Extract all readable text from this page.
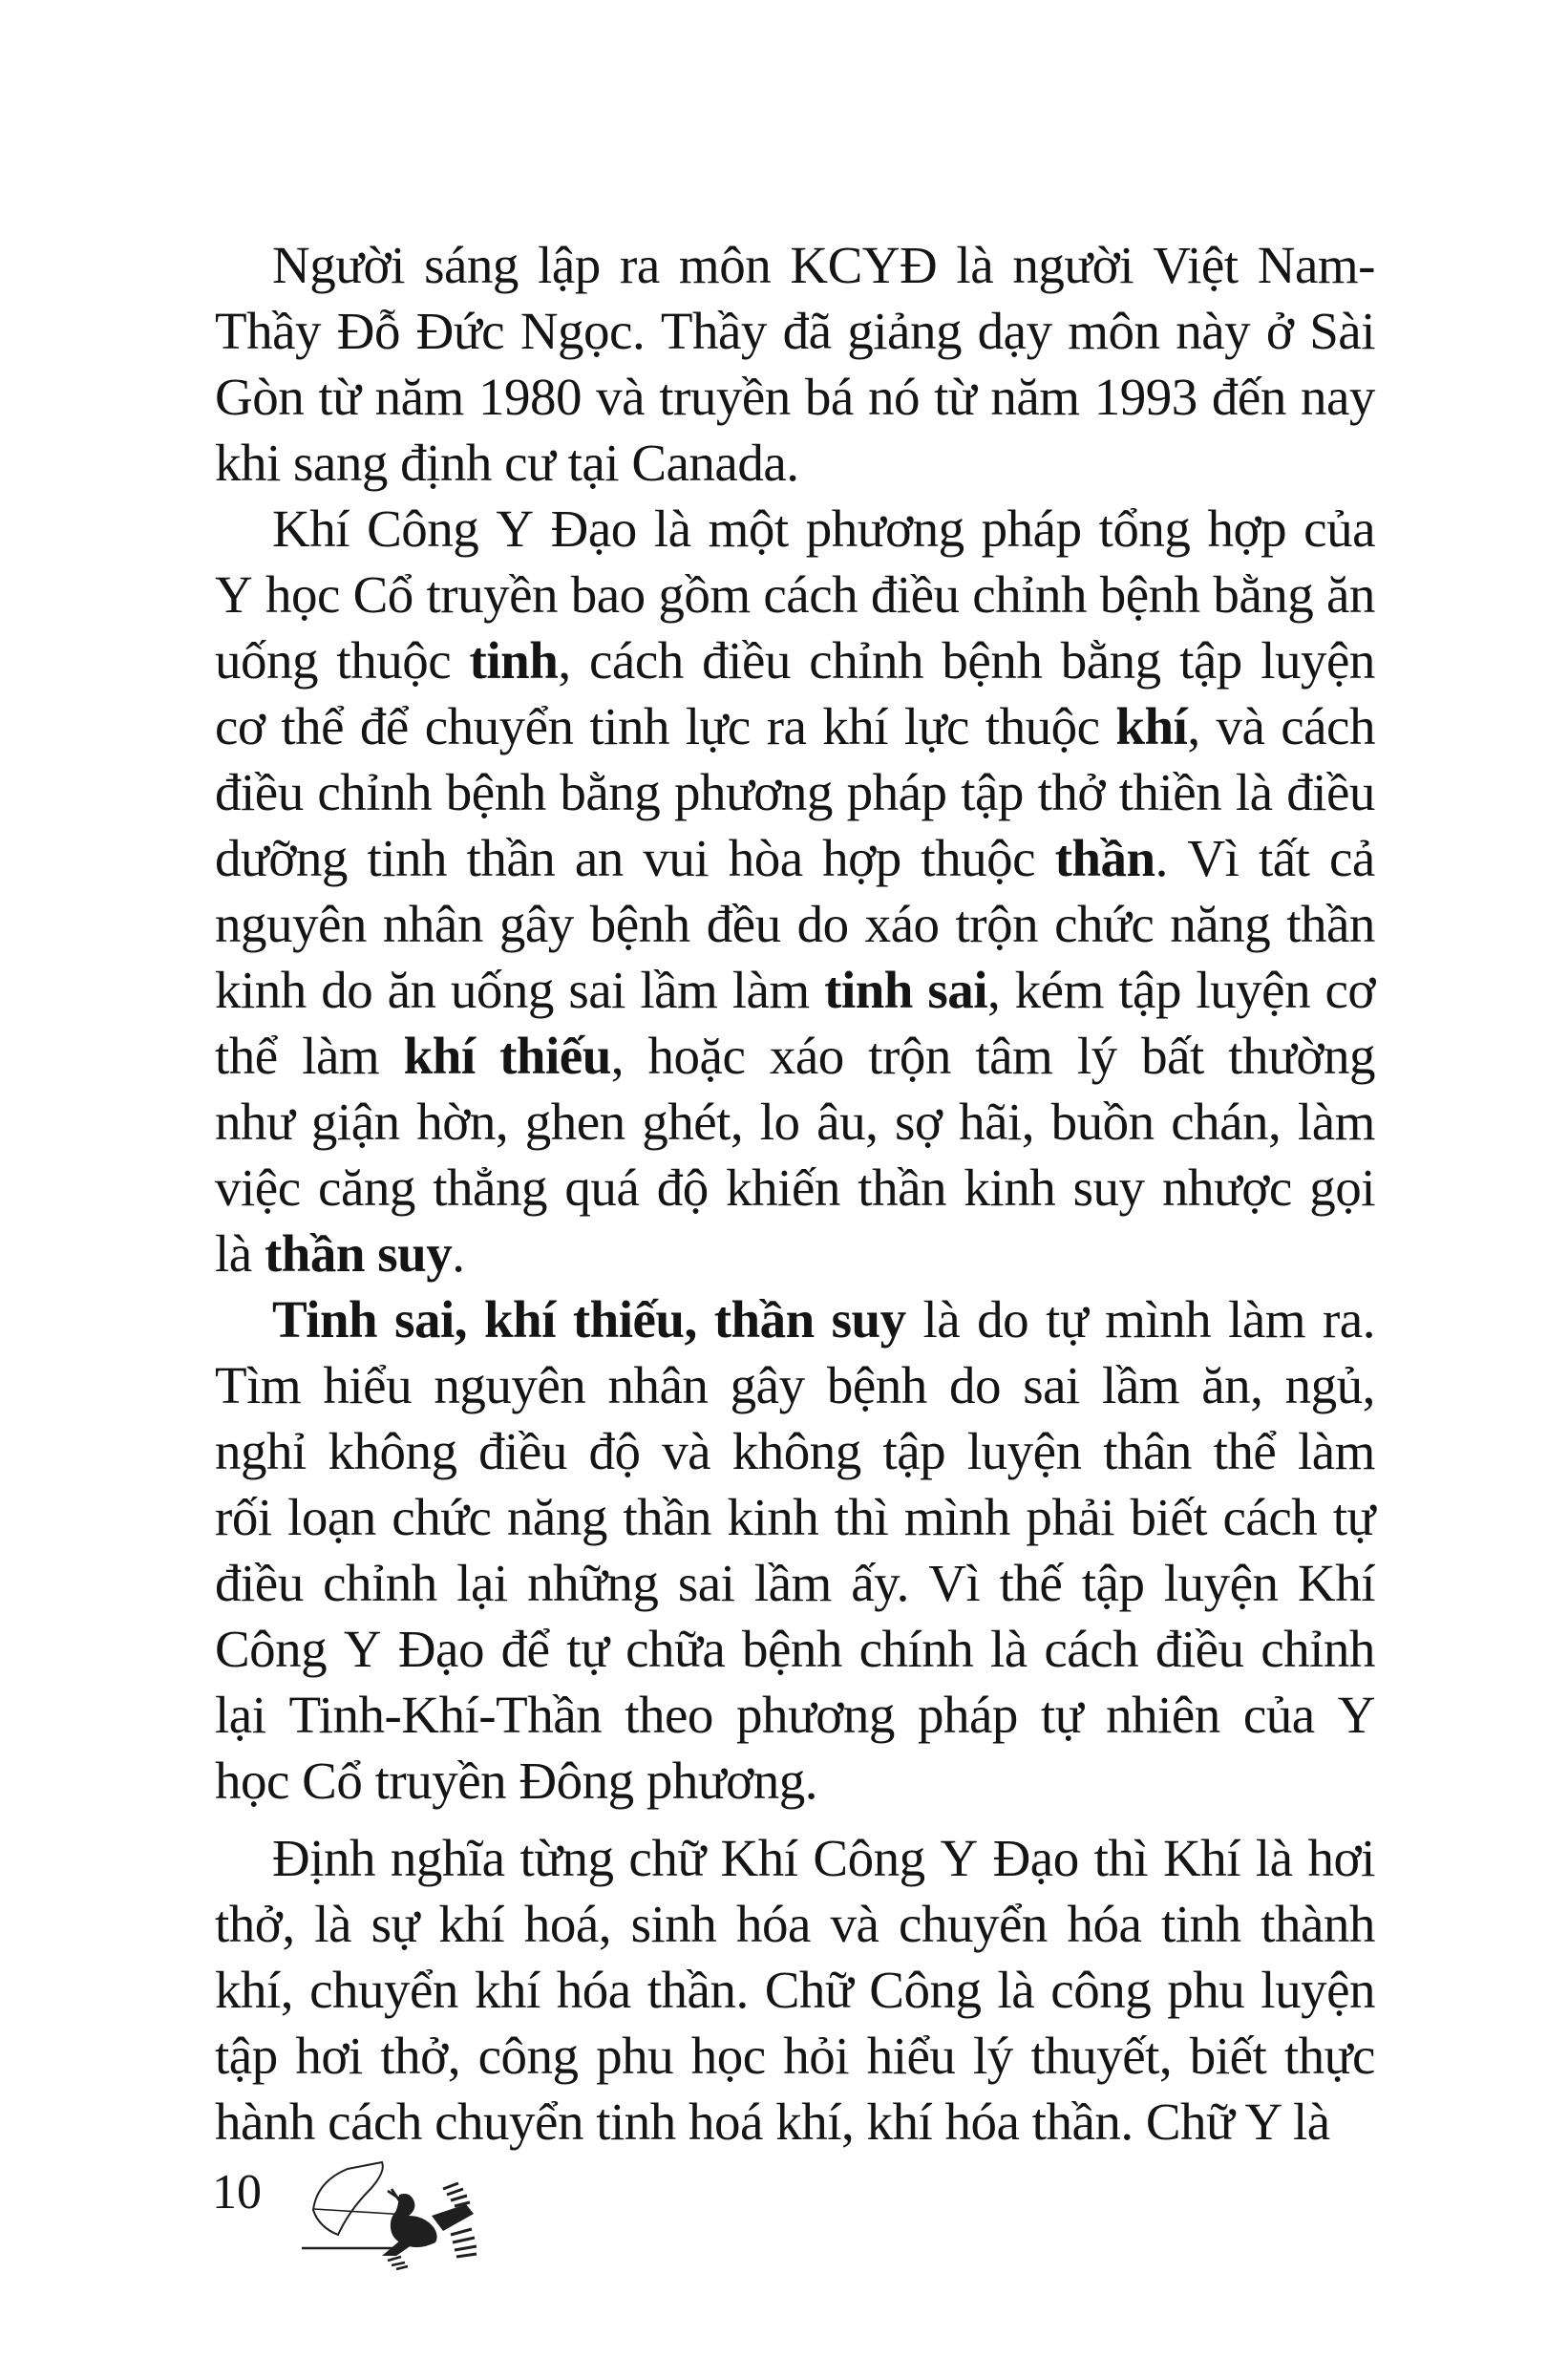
Người sáng lập ra môn KCYĐ là người Việt Nam-
Thầy Đỗ Đức Ngọc. Thầy đã giảng dạy môn này ở Sài
Gòn từ năm 1980 và truyền bá nó từ năm 1993 đến nay
khi sang định cư tại Canada.
Khí Công Y Đạo là một phương pháp tổng hợp của
Y học Cổ truyền bao gồm cách điều chỉnh bệnh bằng ăn
uống thuộc tinh, cách điều chỉnh bệnh bằng tập luyện
cơ thể để chuyển tinh lực ra khí lực thuộc khí, và cách
điều chỉnh bệnh bằng phương pháp tập thở thiền là điều
dưỡng tinh thần an vui hòa hợp thuộc thần. Vì tất cả
nguyên nhân gây bệnh đều do xáo trộn chức năng thần
kinh do ăn uống sai lầm làm tinh sai, kém tập luyện cơ
thể làm khí thiếu, hoặc xáo trộn tâm lý bất thường
như giận hờn, ghen ghét, lo âu, sợ hãi, buồn chán, làm
việc căng thẳng quá độ khiến thần kinh suy nhược gọi
là thần suy.
Tinh sai, khí thiếu, thần suy là do tự mình làm ra.
Tìm hiểu nguyên nhân gây bệnh do sai lầm ăn, ngủ,
nghỉ không điều độ và không tập luyện thân thể làm
rối loạn chức năng thần kinh thì mình phải biết cách tự
điều chỉnh lại những sai lầm ấy. Vì thế tập luyện Khí
Công Y Đạo để tự chữa bệnh chính là cách điều chỉnh
lại Tinh-Khí-Thần theo phương pháp tự nhiên của Y
học Cổ truyền Đông phương.
Định nghĩa từng chữ Khí Công Y Đạo thì Khí là hơi
thở, là sự khí hoá, sinh hóa và chuyển hóa tinh thành
khí, chuyển khí hóa thần. Chữ Công là công phu luyện
tập hơi thở, công phu học hỏi hiểu lý thuyết, biết thực
hành cách chuyển tinh hoá khí, khí hóa thần. Chữ Y là
10
